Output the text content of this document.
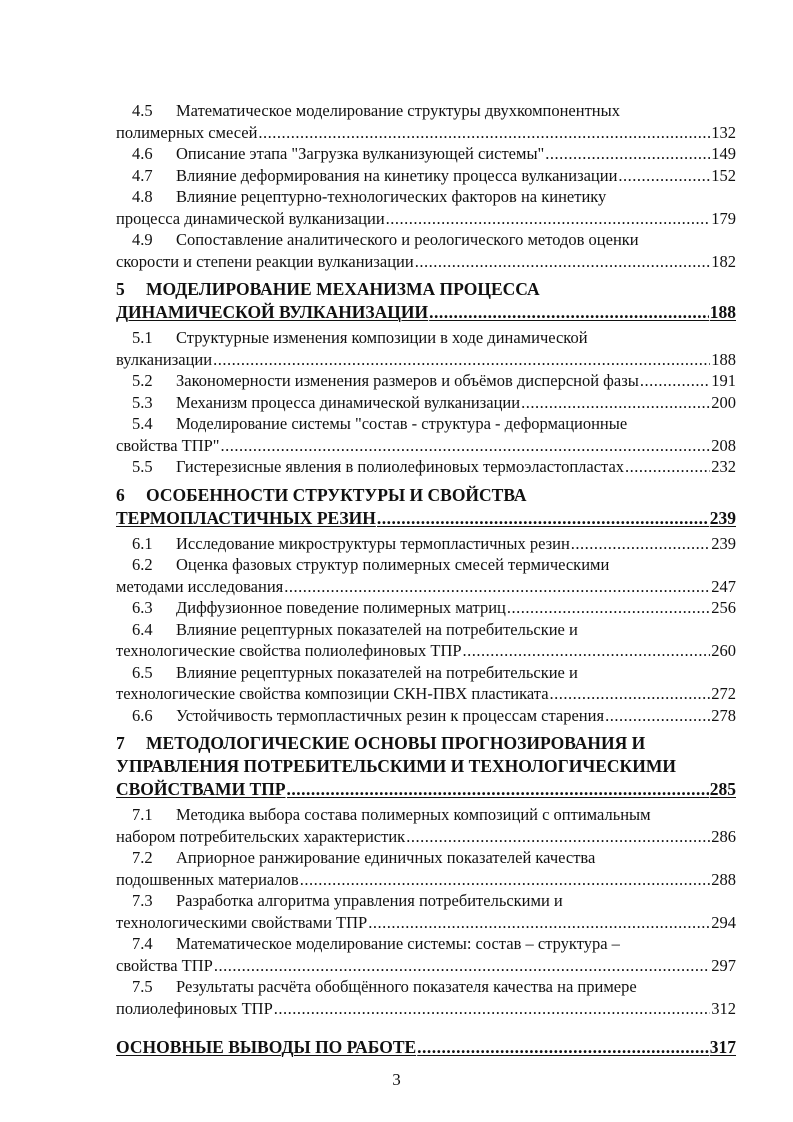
4.5	Математическое моделирование структуры двухкомпонентных
полимерных смесей .....	132
4.6	Описание этапа "Загрузка вулканизующей системы" .....	149
4.7	Влияние деформирования на кинетику процесса вулканизации .....	152
4.8	Влияние рецептурно-технологических факторов на кинетику
процесса динамической вулканизации .....	179
4.9	Сопоставление аналитического и реологического методов оценки
скорости и степени реакции вулканизации .....	182
5	МОДЕЛИРОВАНИЕ МЕХАНИЗМА ПРОЦЕССА
ДИНАМИЧЕСКОЙ ВУЛКАНИЗАЦИИ .....	188
5.1	Структурные изменения композиции в ходе динамической
вулканизации .....	188
5.2	Закономерности изменения размеров и объёмов дисперсной фазы .....	191
5.3	Механизм процесса динамической вулканизации .....	200
5.4	Моделирование системы "состав - структура - деформационные
свойства ТПР" .....	208
5.5	Гистерезисные явления в полиолефиновых термоэластопластах .....	232
6	ОСОБЕННОСТИ СТРУКТУРЫ И СВОЙСТВА
ТЕРМОПЛАСТИЧНЫХ РЕЗИН .....	239
6.1	Исследование микроструктуры термопластичных резин .....	239
6.2	Оценка фазовых структур полимерных смесей термическими
методами исследования .....	247
6.3	Диффузионное поведение полимерных матриц .....	256
6.4	Влияние рецептурных показателей на потребительские и
технологические свойства полиолефиновых ТПР .....	260
6.5	Влияние рецептурных показателей на потребительские и
технологические свойства композиции СКН-ПВХ пластиката .....	272
6.6	Устойчивость термопластичных резин к процессам старения .....	278
7	МЕТОДОЛОГИЧЕСКИЕ ОСНОВЫ ПРОГНОЗИРОВАНИЯ И
УПРАВЛЕНИЯ ПОТРЕБИТЕЛЬСКИМИ И ТЕХНОЛОГИЧЕСКИМИ
СВОЙСТВАМИ ТПР .....	285
7.1	Методика выбора состава полимерных композиций с оптимальным
набором потребительских характеристик .....	286
7.2	Априорное ранжирование единичных показателей качества
подошвенных материалов .....	288
7.3	Разработка алгоритма управления потребительскими и
технологическими свойствами ТПР .....	294
7.4	Математическое моделирование системы: состав – структура –
свойства ТПР .....	297
7.5	Результаты расчёта обобщённого показателя качества на примере
полиолефиновых ТПР .....	312
ОСНОВНЫЕ ВЫВОДЫ ПО РАБОТЕ .....	317
3
